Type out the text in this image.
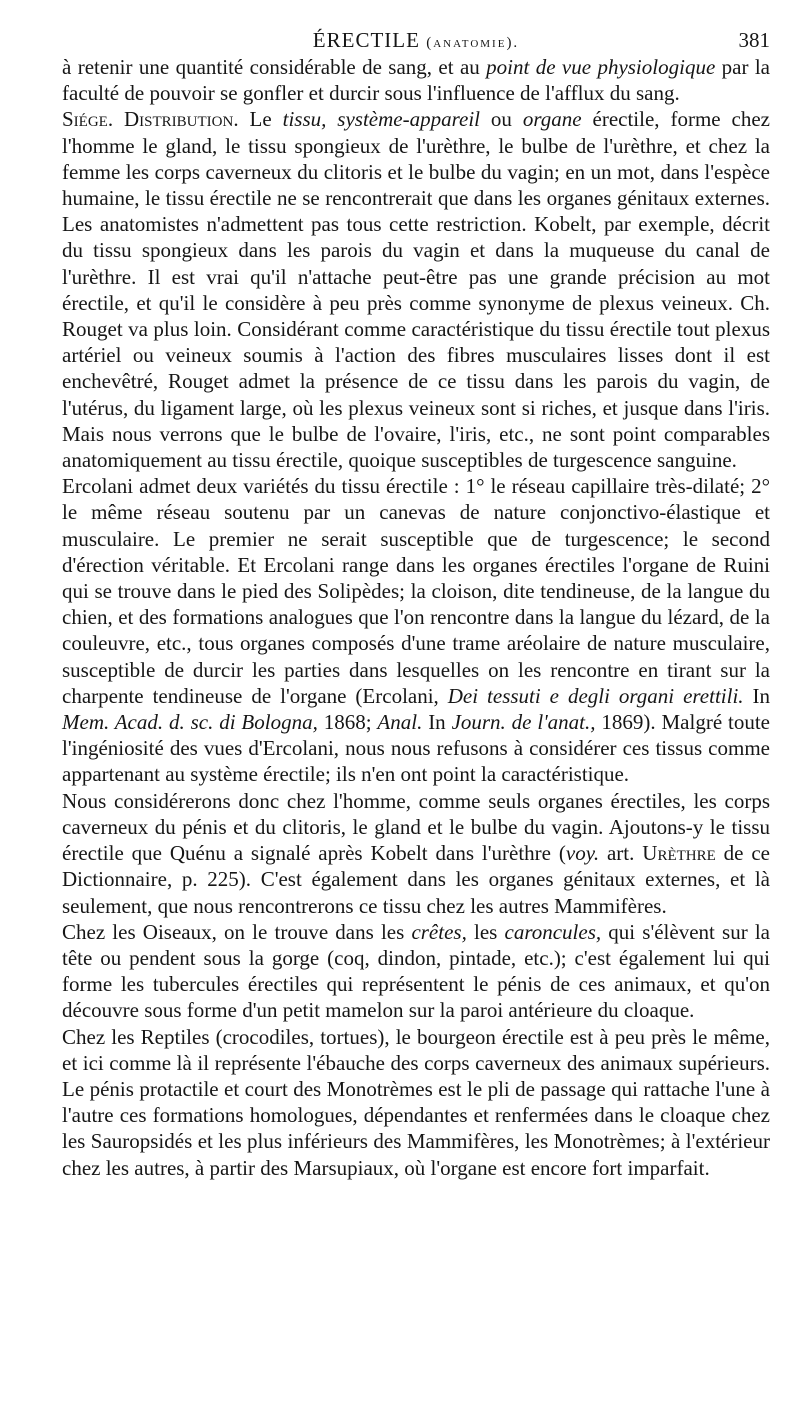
ÉRECTILE (anatomie).	381

à retenir une quantité considérable de sang, et au point de vue physiologique par la faculté de pouvoir se gonfler et durcir sous l'influence de l'afflux du sang.

Siége. Distribution. Le tissu, système-appareil ou organe érectile, forme chez l'homme le gland, le tissu spongieux de l'urèthre, le bulbe de l'urèthre, et chez la femme les corps caverneux du clitoris et le bulbe du vagin; en un mot, dans l'espèce humaine, le tissu érectile ne se rencontrerait que dans les organes génitaux externes. Les anatomistes n'admettent pas tous cette restriction. Kobelt, par exemple, décrit du tissu spongieux dans les parois du vagin et dans la muqueuse du canal de l'urèthre. Il est vrai qu'il n'attache peut-être pas une grande précision au mot érectile, et qu'il le considère à peu près comme synonyme de plexus veineux. Ch. Rouget va plus loin. Considérant comme caractéristique du tissu érectile tout plexus artériel ou veineux soumis à l'action des fibres musculaires lisses dont il est enchevêtré, Rouget admet la présence de ce tissu dans les parois du vagin, de l'utérus, du ligament large, où les plexus veineux sont si riches, et jusque dans l'iris. Mais nous verrons que le bulbe de l'ovaire, l'iris, etc., ne sont point comparables anatomiquement au tissu érectile, quoique susceptibles de turgescence sanguine.

Ercolani admet deux variétés du tissu érectile : 1° le réseau capillaire très-dilaté; 2° le même réseau soutenu par un canevas de nature conjonctivo-élastique et musculaire. Le premier ne serait susceptible que de turgescence; le second d'érection véritable. Et Ercolani range dans les organes érectiles l'organe de Ruini qui se trouve dans le pied des Solipèdes; la cloison, dite tendineuse, de la langue du chien, et des formations analogues que l'on rencontre dans la langue du lézard, de la couleuvre, etc., tous organes composés d'une trame aréolaire de nature musculaire, susceptible de durcir les parties dans lesquelles on les rencontre en tirant sur la charpente tendineuse de l'organe (Ercolani, Dei tessuti e degli organi erettili. In Mem. Acad. d. sc. di Bologna, 1868; Anal. In Journ. de l'anat., 1869). Malgré toute l'ingéniosité des vues d'Ercolani, nous nous refusons à considérer ces tissus comme appartenant au système érectile; ils n'en ont point la caractéristique.

Nous considérerons donc chez l'homme, comme seuls organes érectiles, les corps caverneux du pénis et du clitoris, le gland et le bulbe du vagin. Ajoutons-y le tissu érectile que Quénu a signalé après Kobelt dans l'urèthre (voy. art. Urèthre de ce Dictionnaire, p. 225). C'est également dans les organes génitaux externes, et là seulement, que nous rencontrerons ce tissu chez les autres Mammifères.

Chez les Oiseaux, on le trouve dans les crêtes, les caroncules, qui s'élèvent sur la tête ou pendent sous la gorge (coq, dindon, pintade, etc.); c'est également lui qui forme les tubercules érectiles qui représentent le pénis de ces animaux, et qu'on découvre sous forme d'un petit mamelon sur la paroi antérieure du cloaque.

Chez les Reptiles (crocodiles, tortues), le bourgeon érectile est à peu près le même, et ici comme là il représente l'ébauche des corps caverneux des animaux supérieurs. Le pénis protactile et court des Monotrèmes est le pli de passage qui rattache l'une à l'autre ces formations homologues, dépendantes et renfermées dans le cloaque chez les Sauropsidés et les plus inférieurs des Mammifères, les Monotrèmes; à l'extérieur chez les autres, à partir des Marsupiaux, où l'organe est encore fort imparfait.
